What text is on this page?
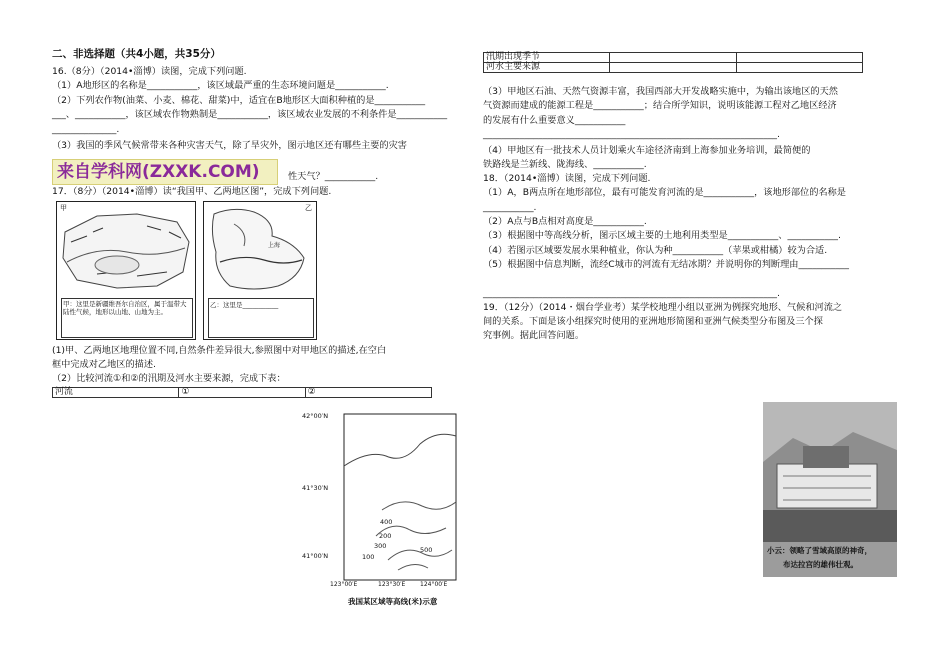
二、非选择题（共4小题，共35分）
16.（8分）（2014•淄博）读图，完成下列问题.
（1）A地形区的名称是___________，该区域最严重的生态环境问题是___________.
（2）下列农作物(油菜、小麦、棉花、甜菜)中，适宜在B地形区大面积种植的是___________
___、___________，该区域农作物熟制是___________，该区域农业发展的不利条件是___________
______________.
（3）我国的季风气候常带来各种灾害天气，除了旱灾外，图示地区还有哪些主要的灾害
来自学科网(ZXXK.COM)	性天气？___________.
17．（8分）（2014•淄博）读“我国甲、乙两地区图”，完成下列问题.
甲
甲：这里是新疆维吾尔自治区，属于温带大陆性气候，地形以山地、山地为主。
乙
上海
乙：这里是___________
(1)甲、乙两地区地理位置不同,自然条件差异很大,参照图中对甲地区的描述,在空白
框中完成对乙地区的描述.
（2）比较河流①和②的汛期及河水主要来源，完成下表：
河流	①	②
42°00′N
41°30′N
41°00′N
400
200
300
100
500
123°00′E	123°30′E 124°00′E
我国某区域等高线(米)示意
汛期出现季节		
河水主要来源		
（3）甲地区石油、天然气资源丰富，我国西部大开发战略实施中，为输出该地区的天然
气资源而建成的能源工程是___________；结合所学知识，说明该能源工程对乙地区经济
的发展有什么重要意义___________
________________________________________________________________.
（4）甲地区有一批技术人员计划乘火车途径济南到上海参加业务培训，最简便的
铁路线是兰新线、陇海线、___________.
18．（2014•淄博）读图，完成下列问题.
（1）A，B两点所在地形部位，最有可能发育河流的是___________，该地形部位的名称是
___________.
（2）A点与B点相对高度是___________.
（3）根据图中等高线分析，图示区域主要的土地利用类型是___________、___________.
（4）若图示区域要发展水果种植业，你认为种___________（苹果或柑橘）较为合适.
（5）根据图中信息判断，流经C城市的河流有无结冰期？并说明你的判断理由___________
________________________________________________________________.
19．（12分）（2014・烟台学业考）某学校地理小组以亚洲为例探究地形、气候和河流之
间的关系。下面是该小组探究时使用的亚洲地形简图和亚洲气候类型分布图及三个探
究事例。据此回答问题。
小云：领略了雪域高原的神奇，
布达拉宫的雄伟壮观。
